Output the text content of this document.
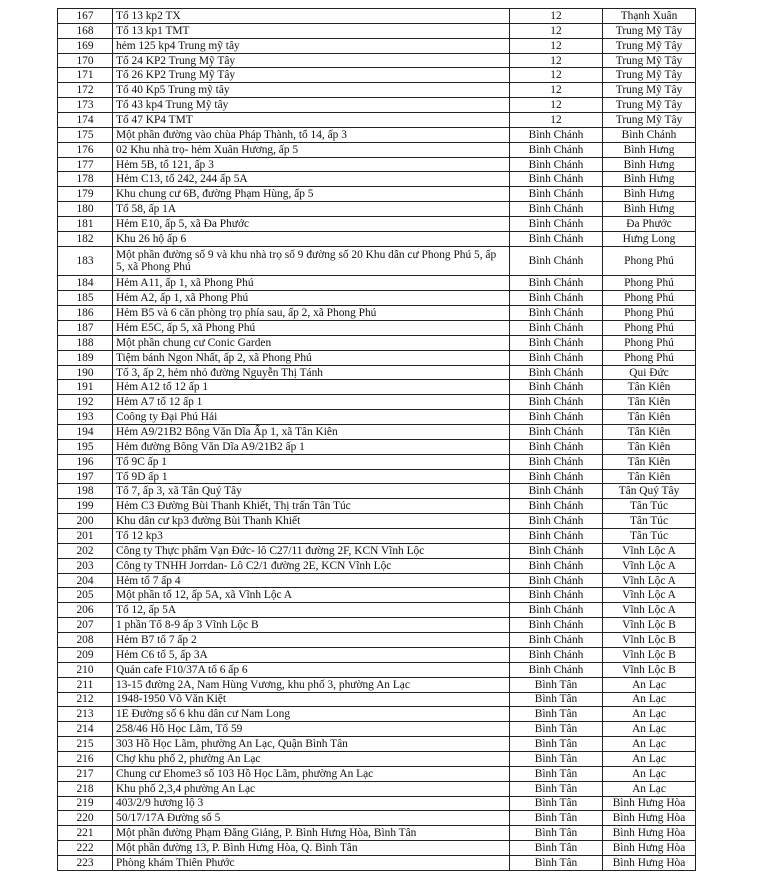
167	Tổ 13 kp2 TX	12	Thạnh Xuân
168	Tổ 13 kp1 TMT	12	Trung Mỹ Tây
169	hẻm 125 kp4 Trung mỹ tây	12	Trung Mỹ Tây
170	Tổ 24 KP2 Trung Mỹ Tây	12	Trung Mỹ Tây
171	Tổ 26 KP2 Trung Mỹ Tây	12	Trung Mỹ Tây
172	Tổ 40 Kp5 Trung mỹ tây	12	Trung Mỹ Tây
173	Tổ 43 kp4 Trung Mỹ tây	12	Trung Mỹ Tây
174	Tổ 47 KP4 TMT	12	Trung Mỹ Tây
175	Một phần đường vào chùa Pháp Thành, tổ 14, ấp 3	Bình Chánh	Bình Chánh
176	02 Khu nhà trọ- hẻm Xuân Hương, ấp 5	Bình Chánh	Bình Hưng
177	Hẻm 5B, tổ 121, ấp 3	Bình Chánh	Bình Hưng
178	Hẻm C13, tổ 242, 244 ấp 5A	Bình Chánh	Bình Hưng
179	Khu chung cư 6B, đường Phạm Hùng, ấp 5	Bình Chánh	Bình Hưng
180	Tổ 58, ấp 1A	Bình Chánh	Bình Hưng
181	Hẻm E10, ấp 5, xã Đa Phước	Bình Chánh	Đa Phước
182	Khu 26 hộ ấp 6	Bình Chánh	Hưng Long
183	Một phần đường số 9 và khu nhà trọ số 9 đường số 20 Khu dân cư Phong Phú 5, ấp 5, xã Phong Phú	Bình Chánh	Phong Phú
184	Hẻm A11, ấp 1, xã Phong Phú	Bình Chánh	Phong Phú
185	Hẻm A2, ấp 1, xã Phong Phú	Bình Chánh	Phong Phú
186	Hẻm B5 và 6 căn phòng trọ phía sau, ấp 2, xã Phong Phú	Bình Chánh	Phong Phú
187	Hẻm E5C, ấp 5, xã Phong Phú	Bình Chánh	Phong Phú
188	Một phần chung cư Conic Garden	Bình Chánh	Phong Phú
189	Tiệm bánh Ngon Nhất, ấp 2, xã Phong Phú	Bình Chánh	Phong Phú
190	Tổ 3, ấp 2, hẻm nhỏ đường Nguyễn Thị Tánh	Bình Chánh	Qui Đức
191	Hẻm A12 tổ 12 ấp 1	Bình Chánh	Tân Kiên
192	Hẻm A7 tổ 12 ấp 1	Bình Chánh	Tân Kiên
193	Coông ty Đại Phú Hải	Bình Chánh	Tân Kiên
194	Hẻm A9/21B2 Bông Văn Dĩa Ấp 1, xã Tân Kiên	Bình Chánh	Tân Kiên
195	Hẻm đường Bông Văn Dĩa A9/21B2 ấp 1	Bình Chánh	Tân Kiên
196	Tổ 9C ấp 1	Bình Chánh	Tân Kiên
197	Tổ 9D ấp 1	Bình Chánh	Tân Kiên
198	Tổ 7, ấp 3, xã Tân Quý Tây	Bình Chánh	Tân Quý Tây
199	Hẻm C3 Đường Bùi Thanh Khiết, Thị trấn Tân Túc	Bình Chánh	Tân Túc
200	Khu dân cư kp3 đường Bùi Thanh Khiết	Bình Chánh	Tân Túc
201	Tổ 12 kp3	Bình Chánh	Tân Túc
202	Công ty Thực phẩm Vạn Đức- lô C27/11 đường 2F, KCN Vĩnh Lộc	Bình Chánh	Vĩnh Lộc A
203	Công ty TNHH Jorrdan- Lô C2/1 đường 2E, KCN Vĩnh Lộc	Bình Chánh	Vĩnh Lộc A
204	Hẻm tổ 7 ấp 4	Bình Chánh	Vĩnh Lộc A
205	Một phần tổ 12, ấp 5A, xã Vĩnh Lộc A	Bình Chánh	Vĩnh Lộc A
206	Tổ 12, ấp 5A	Bình Chánh	Vĩnh Lộc A
207	1 phần Tổ 8-9 ấp 3 Vĩnh Lộc B	Bình Chánh	Vĩnh Lộc B
208	Hẻm B7 tổ 7 ấp 2	Bình Chánh	Vĩnh Lộc B
209	Hẻm C6 tổ 5, ấp 3A	Bình Chánh	Vĩnh Lộc B
210	Quán cafe F10/37A tổ 6 ấp 6	Bình Chánh	Vĩnh Lộc B
211	13-15 đường 2A, Nam Hùng Vương, khu phố 3, phường An Lạc	Bình Tân	An Lạc
212	1948-1950 Võ Văn Kiệt	Bình Tân	An Lạc
213	1E Đường số 6 khu dân cư Nam Long	Bình Tân	An Lạc
214	258/46 Hồ Học Lãm, Tổ 59	Bình Tân	An Lạc
215	303 Hồ Học Lãm, phường An Lạc, Quận Bình Tân	Bình Tân	An Lạc
216	Chợ khu phố 2, phường An Lạc	Bình Tân	An Lạc
217	Chung cư Ehome3 số 103 Hồ Học Lãm, phường An Lạc	Bình Tân	An Lạc
218	Khu phố 2,3,4 phường An Lạc	Bình Tân	An Lạc
219	403/2/9 hương lộ 3	Bình Tân	Bình Hưng Hòa
220	50/17/17A Đường số 5	Bình Tân	Bình Hưng Hòa
221	Một phần đường Phạm Đăng Giảng, P. Bình Hưng Hòa, Bình Tân	Bình Tân	Bình Hưng Hòa
222	Một phần đường 13, P. Bình Hưng Hòa, Q. Bình Tân	Bình Tân	Bình Hưng Hòa
223	Phòng khám Thiên Phước	Bình Tân	Bình Hưng Hòa
